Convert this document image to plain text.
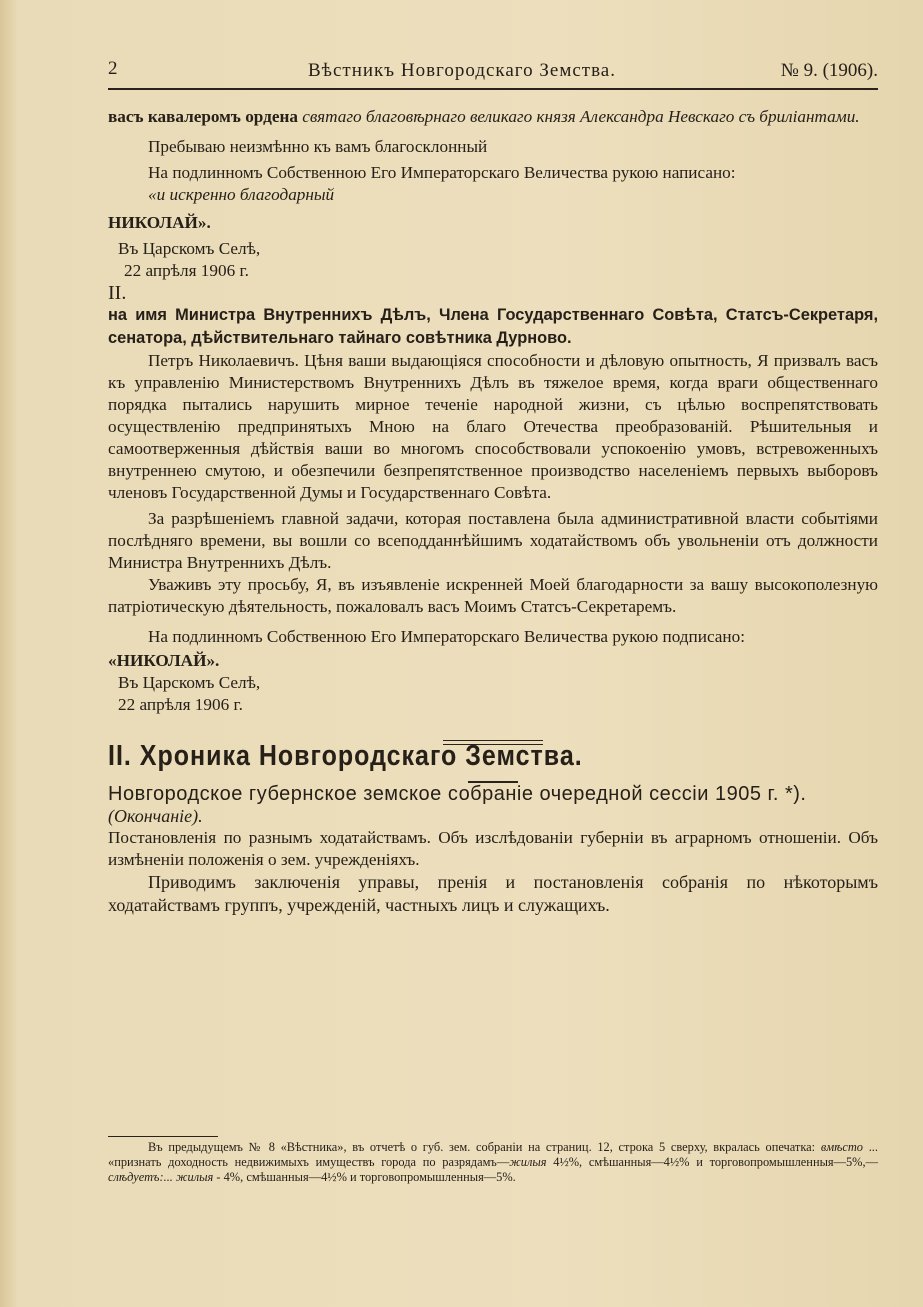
2	Вѣстникъ Новгородскаго Земства.	№ 9. (1906).

васъ кавалеромъ ордена святаго благовѣрнаго великаго князя Александра Невскаго съ бриліантами.

Пребываю неизмѣнно къ вамъ благосклонный

На подлинномъ Собственною Его Императорскаго Величества рукою написано:

«и искренно благодарный

НИКОЛАЙ».

Въ Царскомъ Селѣ,

22 апрѣля 1906 г.

II.

на имя Министра Внутреннихъ Дѣлъ, Члена Государственнаго Совѣта, Статсъ-Секретаря, сенатора, дѣйствительнаго тайнаго совѣтника Дурново.

Петръ Николаевичъ. Цѣня ваши выдающіяся способности и дѣловую опытность, Я призвалъ васъ къ управленію Министерствомъ Внутреннихъ Дѣлъ въ тяжелое время, когда враги общественнаго порядка пытались нарушить мирное теченіе народной жизни, съ цѣлью воспрепятствовать осуществленію предпринятыхъ Мною на благо Отечества преобразованій. Рѣшительныя и самоотверженныя дѣйствія ваши во многомъ способствовали успокоенію умовъ, встревоженныхъ внутреннею смутою, и обезпечили безпрепятственное производство населеніемъ первыхъ выборовъ членовъ Государственной Думы и Государственнаго Совѣта.

За разрѣшеніемъ главной задачи, которая поставлена была административной власти событіями послѣдняго времени, вы вошли со всеподданнѣйшимъ ходатайствомъ объ увольненіи отъ должности Министра Внутреннихъ Дѣлъ.

Уваживъ эту просьбу, Я, въ изъявленіе искренней Моей благодарности за вашу высокополезную патріотическую дѣятельность, пожаловалъ васъ Моимъ Статсъ-Секретаремъ.

На подлинномъ Собственною Его Императорскаго Величества рукою подписано:

«НИКОЛАЙ».

Въ Царскомъ Селѣ,

22 апрѣля 1906 г.

II. Хроника Новгородскаго Земства.

Новгородское губернское земское собраніе очередной сессіи 1905 г. *).

(Окончаніе).

Постановленія по разнымъ ходатайствамъ. Объ изслѣдованіи губерніи въ аграрномъ отношеніи. Объ измѣненіи положенія о зем. учрежденіяхъ.

Приводимъ заключенія управы, пренія и постановленія собранія по нѣкоторымъ ходатайствамъ группъ, учрежденій, частныхъ лицъ и служащихъ.

Въ предыдущемъ № 8 «Вѣстника», въ отчетѣ о губ. зем. собраніи на страниц. 12, строка 5 сверху, вкралась опечатка: вмѣсто ... «признать доходность недвижимыхъ имуществъ города по разрядамъ—жилыя 4½%, смѣшанныя—4½% и торговопромышленныя—5%,—слѣдуетъ:... жилыя - 4%, смѣшанныя—4½% и торговопромышленныя—5%.
